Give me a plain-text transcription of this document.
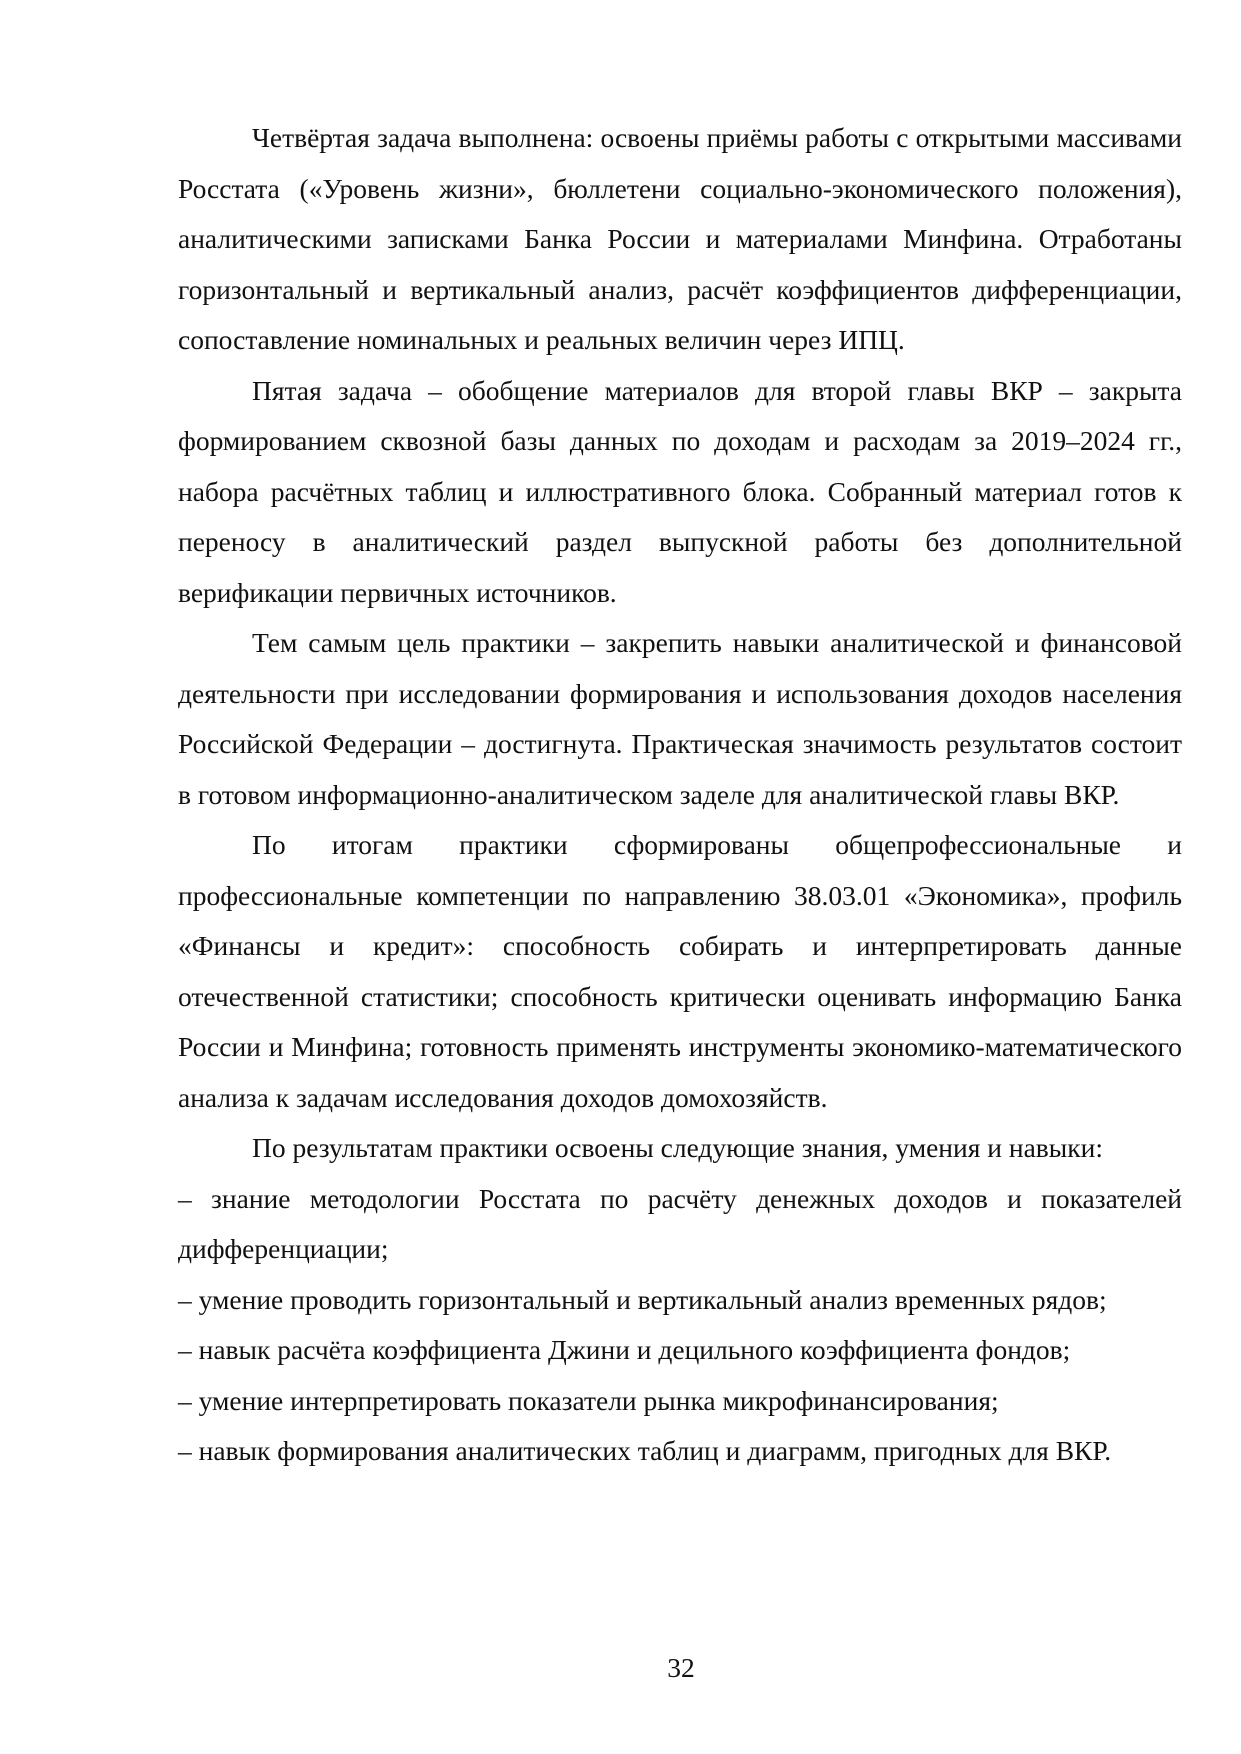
Четвёртая задача выполнена: освоены приёмы работы с открытыми массивами Росстата («Уровень жизни», бюллетени социально-экономического положения), аналитическими записками Банка России и материалами Минфина. Отработаны горизонтальный и вертикальный анализ, расчёт коэффициентов дифференциации, сопоставление номинальных и реальных величин через ИПЦ.

Пятая задача – обобщение материалов для второй главы ВКР – закрыта формированием сквозной базы данных по доходам и расходам за 2019–2024 гг., набора расчётных таблиц и иллюстративного блока. Собранный материал готов к переносу в аналитический раздел выпускной работы без дополнительной верификации первичных источников.

Тем самым цель практики – закрепить навыки аналитической и финансовой деятельности при исследовании формирования и использования доходов населения Российской Федерации – достигнута. Практическая значимость результатов состоит в готовом информационно-аналитическом заделе для аналитической главы ВКР.

По итогам практики сформированы общепрофессиональные и профессиональные компетенции по направлению 38.03.01 «Экономика», профиль «Финансы и кредит»: способность собирать и интерпретировать данные отечественной статистики; способность критически оценивать информацию Банка России и Минфина; готовность применять инструменты экономико-математического анализа к задачам исследования доходов домохозяйств.

По результатам практики освоены следующие знания, умения и навыки:

– знание методологии Росстата по расчёту денежных доходов и показателей дифференциации;

– умение проводить горизонтальный и вертикальный анализ временных рядов;

– навык расчёта коэффициента Джини и децильного коэффициента фондов;

– умение интерпретировать показатели рынка микрофинансирования;

– навык формирования аналитических таблиц и диаграмм, пригодных для ВКР.

32
